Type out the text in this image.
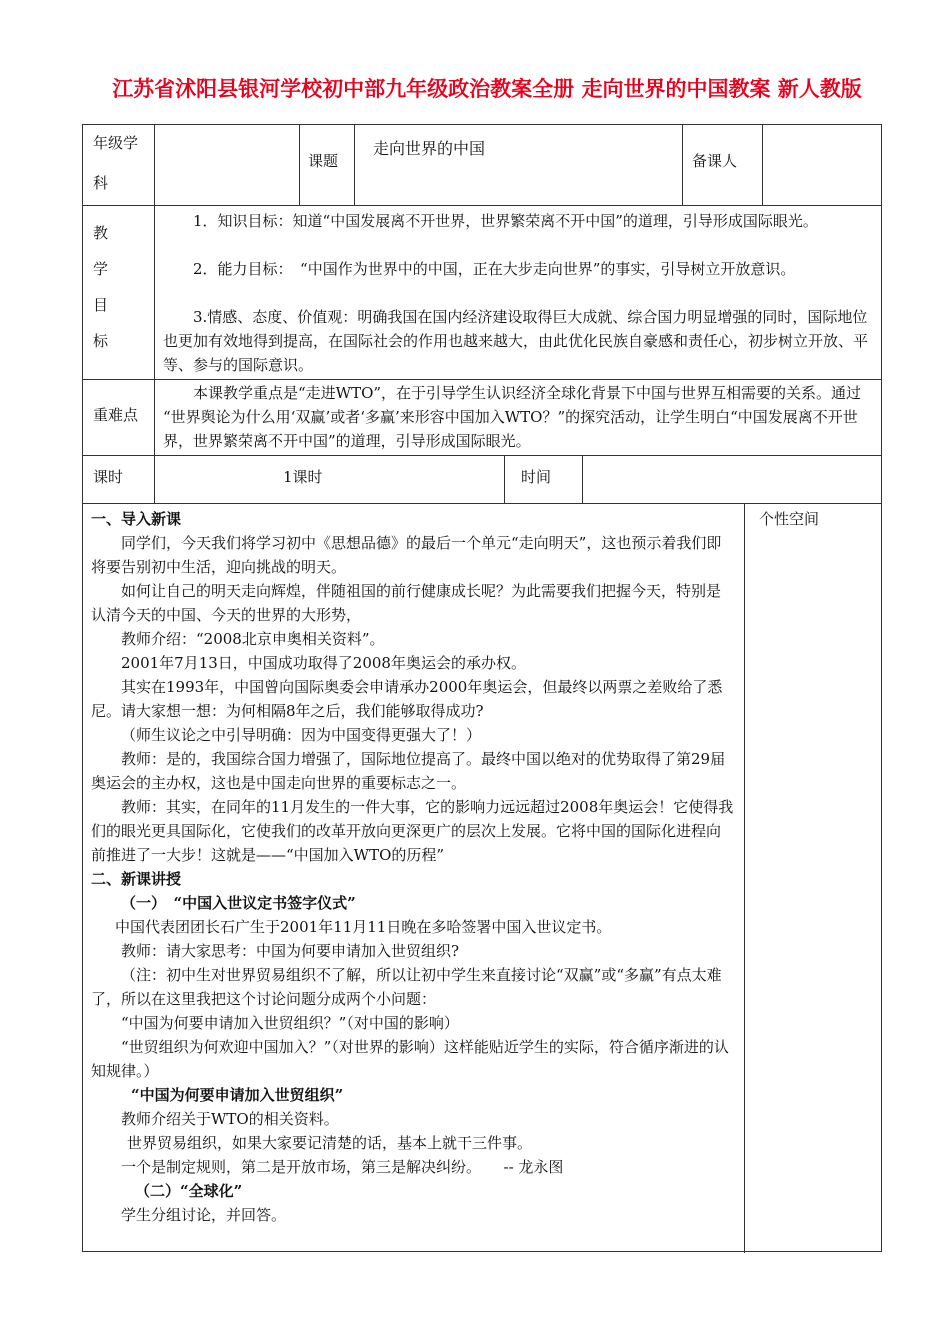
江苏省沭阳县银河学校初中部九年级政治教案全册 走向世界的中国教案 新人教版
年级学
科
课题
走向世界的中国
备课人
教
学
目
标
1．知识目标：知道“中国发展离不开世界，世界繁荣离不开中国”的道理，引导形成国际眼光。
2．能力目标：　“中国作为世界中的中国，正在大步走向世界”的事实，引导树立开放意识。
3.情感、态度、价值观：明确我国在国内经济建设取得巨大成就、综合国力明显增强的同时，国际地位也更加有效地得到提高，在国际社会的作用也越来越大，由此优化民族自豪感和责任心，初步树立开放、平等、参与的国际意识。
重难点
本课教学重点是“走进WTO”，在于引导学生认识经济全球化背景下中国与世界互相需要的关系。通过 “世界舆论为什么用‘双赢’或者‘多赢’来形容中国加入WTO？”的探究活动，让学生明白“中国发展离不开世界，世界繁荣离不开中国”的道理，引导形成国际眼光。
课时	1课时	时间
个性空间
一、导入新课
同学们，今天我们将学习初中《思想品德》的最后一个单元“走向明天”，这也预示着我们即将要告别初中生活，迎向挑战的明天。
如何让自己的明天走向辉煌，伴随祖国的前行健康成长呢？为此需要我们把握今天，特别是认清今天的中国、今天的世界的大形势，
教师介绍：“2008北京申奥相关资料”。
2001年7月13日，中国成功取得了2008年奥运会的承办权。
其实在1993年，中国曾向国际奥委会申请承办2000年奥运会，但最终以两票之差败给了悉尼。请大家想一想：为何相隔8年之后，我们能够取得成功?
（师生议论之中引导明确：因为中国变得更强大了！）
教师：是的，我国综合国力增强了，国际地位提高了。最终中国以绝对的优势取得了第29届奥运会的主办权，这也是中国走向世界的重要标志之一。
教师：其实，在同年的11月发生的一件大事，它的影响力远远超过2008年奥运会！它使得我们的眼光更具国际化，它使我们的改革开放向更深更广的层次上发展。它将中国的国际化进程向前推进了一大步！这就是——“中国加入WTO的历程”
二、新课讲授
（一）　“中国入世议定书签字仪式”
中国代表团团长石广生于2001年11月11日晚在多哈签署中国入世议定书。
教师：请大家思考：中国为何要申请加入世贸组织?
（注：初中生对世界贸易组织不了解，所以让初中学生来直接讨论“双赢”或“多赢”有点太难了，所以在这里我把这个讨论问题分成两个小问题：
“中国为何要申请加入世贸组织？”（对中国的影响）
“世贸组织为何欢迎中国加入？”（对世界的影响）这样能贴近学生的实际，符合循序渐进的认知规律。）
“中国为何要申请加入世贸组织”
教师介绍关于WTO的相关资料。
世界贸易组织，如果大家要记清楚的话，基本上就干三件事。
一个是制定规则，第二是开放市场，第三是解决纠纷。　　-- 龙永图
（二）“全球化”
学生分组讨论，并回答。
